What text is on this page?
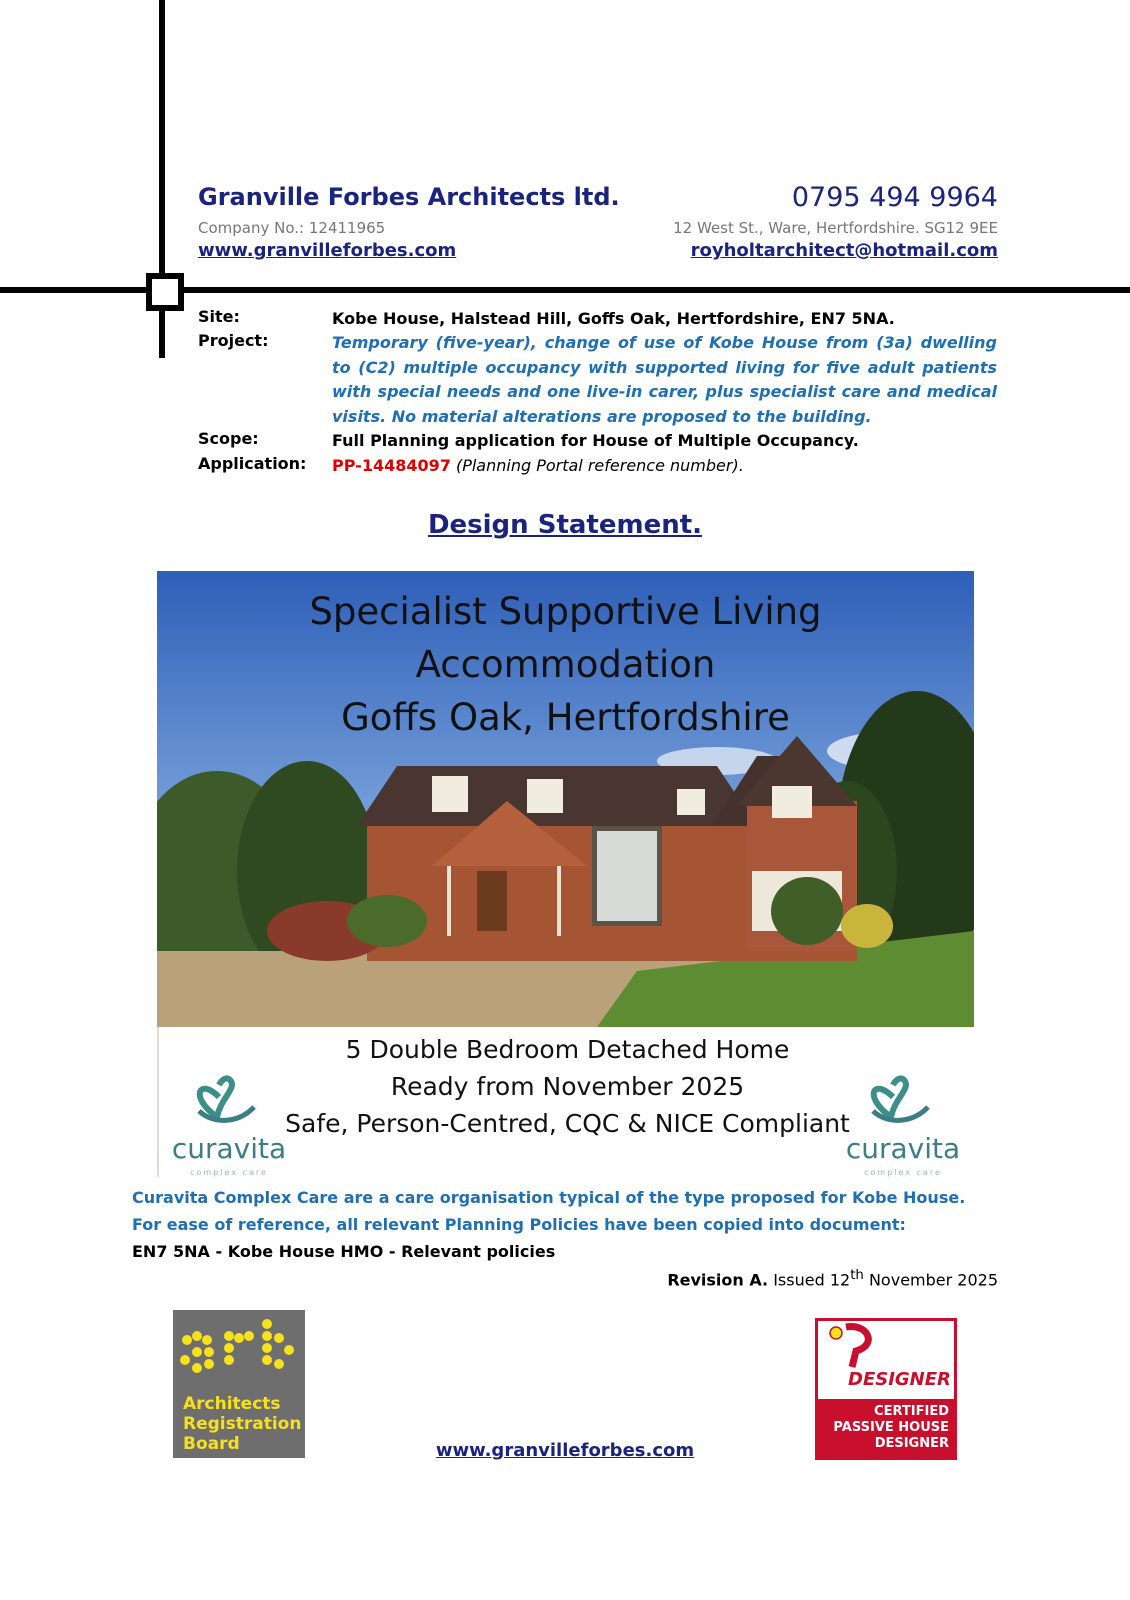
Granville Forbes Architects ltd.
Company No.: 12411965
www.granvilleforbes.com
0795 494 9964
12 West St., Ware, Hertfordshire. SG12 9EE
royholtarchitect@hotmail.com
Site:	Kobe House, Halstead Hill, Goffs Oak, Hertfordshire, EN7 5NA.
Project:	Temporary (five-year), change of use of Kobe House from (3a) dwelling to (C2) multiple occupancy with supported living for five adult patients with special needs and one live-in carer, plus specialist care and medical visits. No material alterations are proposed to the building.
Scope:	Full Planning application for House of Multiple Occupancy.
Application: PP-14484097 (Planning Portal reference number).
Design Statement.
Specialist Supportive Living
Accommodation
Goffs Oak, Hertfordshire
5 Double Bedroom Detached Home
Ready from November 2025
Safe, Person-Centred, CQC & NICE Compliant
curavita
complex care
curavita
complex care
Curavita Complex Care are a care organisation typical of the type proposed for Kobe House.
For ease of reference, all relevant Planning Policies have been copied into document:
EN7 5NA - Kobe House HMO - Relevant policies
Revision A. Issued 12th November 2025
Architects
Registration
Board	www.granvilleforbes.com
DESIGNER
CERTIFIED
PASSIVE HOUSE
DESIGNER
